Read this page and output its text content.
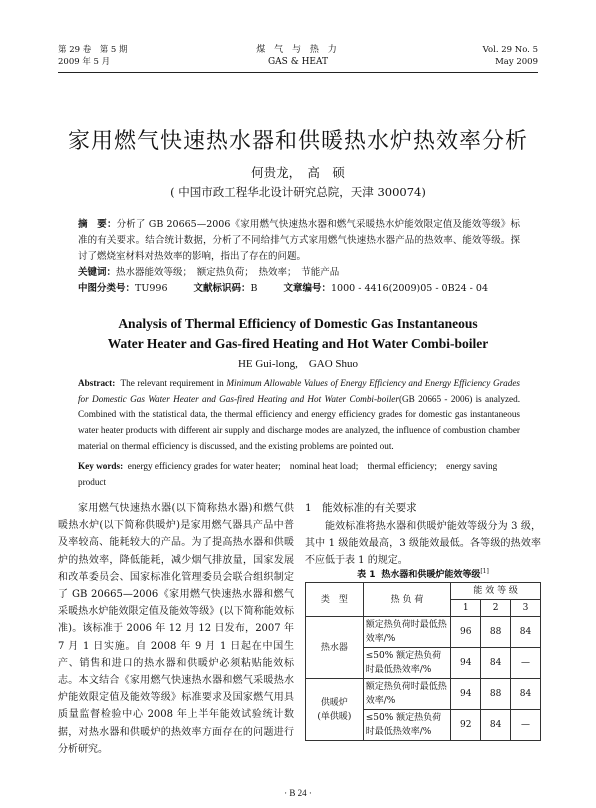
第 29 卷　第 5 期
2009 年 5 月
煤 气 与 热 力
GAS & HEAT
Vol. 29 No. 5
May 2009
家用燃气快速热水器和供暖热水炉热效率分析
何贵龙，　高　硕
( 中国市政工程华北设计研究总院，天津 300074)
摘　要：分析了 GB 20665—2006《家用燃气快速热水器和燃气采暖热水炉能效限定值及能效等级》标准的有关要求。结合统计数据，分析了不同给排气方式家用燃气快速热水器产品的热效率、能效等级。探讨了燃烧室材料对热效率的影响，指出了存在的问题。
关键词：热水器能效等级；　额定热负荷；　热效率；　节能产品
中图分类号：TU996	文献标识码：B	文章编号：1000 - 4416(2009)05 - 0B24 - 04
Analysis of Thermal Efficiency of Domestic Gas Instantaneous
Water Heater and Gas-fired Heating and Hot Water Combi-boiler
HE Gui-long,　GAO Shuo
Abstract: The relevant requirement in Minimum Allowable Values of Energy Efficiency and Energy Efficiency Grades for Domestic Gas Water Heater and Gas-fired Heating and Hot Water Combi-boiler(GB 20665 - 2006) is analyzed. Combined with the statistical data, the thermal efficiency and energy efficiency grades for domestic gas instantaneous water heater products with different air supply and discharge modes are analyzed, the influence of combustion chamber material on thermal efficiency is discussed, and the existing problems are pointed out.
Key words: energy efficiency grades for water heater;　nominal heat load;　thermal efficiency;　energy saving product

家用燃气快速热水器(以下简称热水器)和燃气供暖热水炉(以下简称供暖炉)是家用燃气器具产品中普及率较高、能耗较大的产品。为了提高热水器和供暖炉的热效率，降低能耗，减少烟气排放量，国家发展和改革委员会、国家标准化管理委员会联合组织制定了 GB 20665—2006《家用燃气快速热水器和燃气采暖热水炉能效限定值及能效等级》(以下简称能效标准)。该标准于 2006 年 12 月 12 日发布，2007 年 7 月 1 日实施。自 2008 年 9 月 1 日起在中国生产、销售和进口的热水器和供暖炉必须粘贴能效标志。本文结合《家用燃气快速热水器和燃气采暖热水炉能效限定值及能效等级》标准要求及国家燃气用具质量监督检验中心 2008 年上半年能效试验统计数据，对热水器和供暖炉的热效率方面存在的问题进行分析研究。

1　能效标准的有关要求

能效标准将热水器和供暖炉能效等级分为 3 级，其中 1 级能效最高，3 级能效最低。各等级的热效率不应低于表 1 的规定。

表 1 热水器和供暖炉能效等级[1]
类　型	热 负 荷	能 效 等 级		
		1	2	3
热水器	额定热负荷时最低热效率/%	96	88	84
	≤50% 额定热负荷时最低热效率/%	94	84	—

供暖炉
(单供暖)	额定热负荷时最低热效率/%	94	88	84
	≤50% 额定热负荷时最低热效率/%	92	84	—
· B 24 ·
